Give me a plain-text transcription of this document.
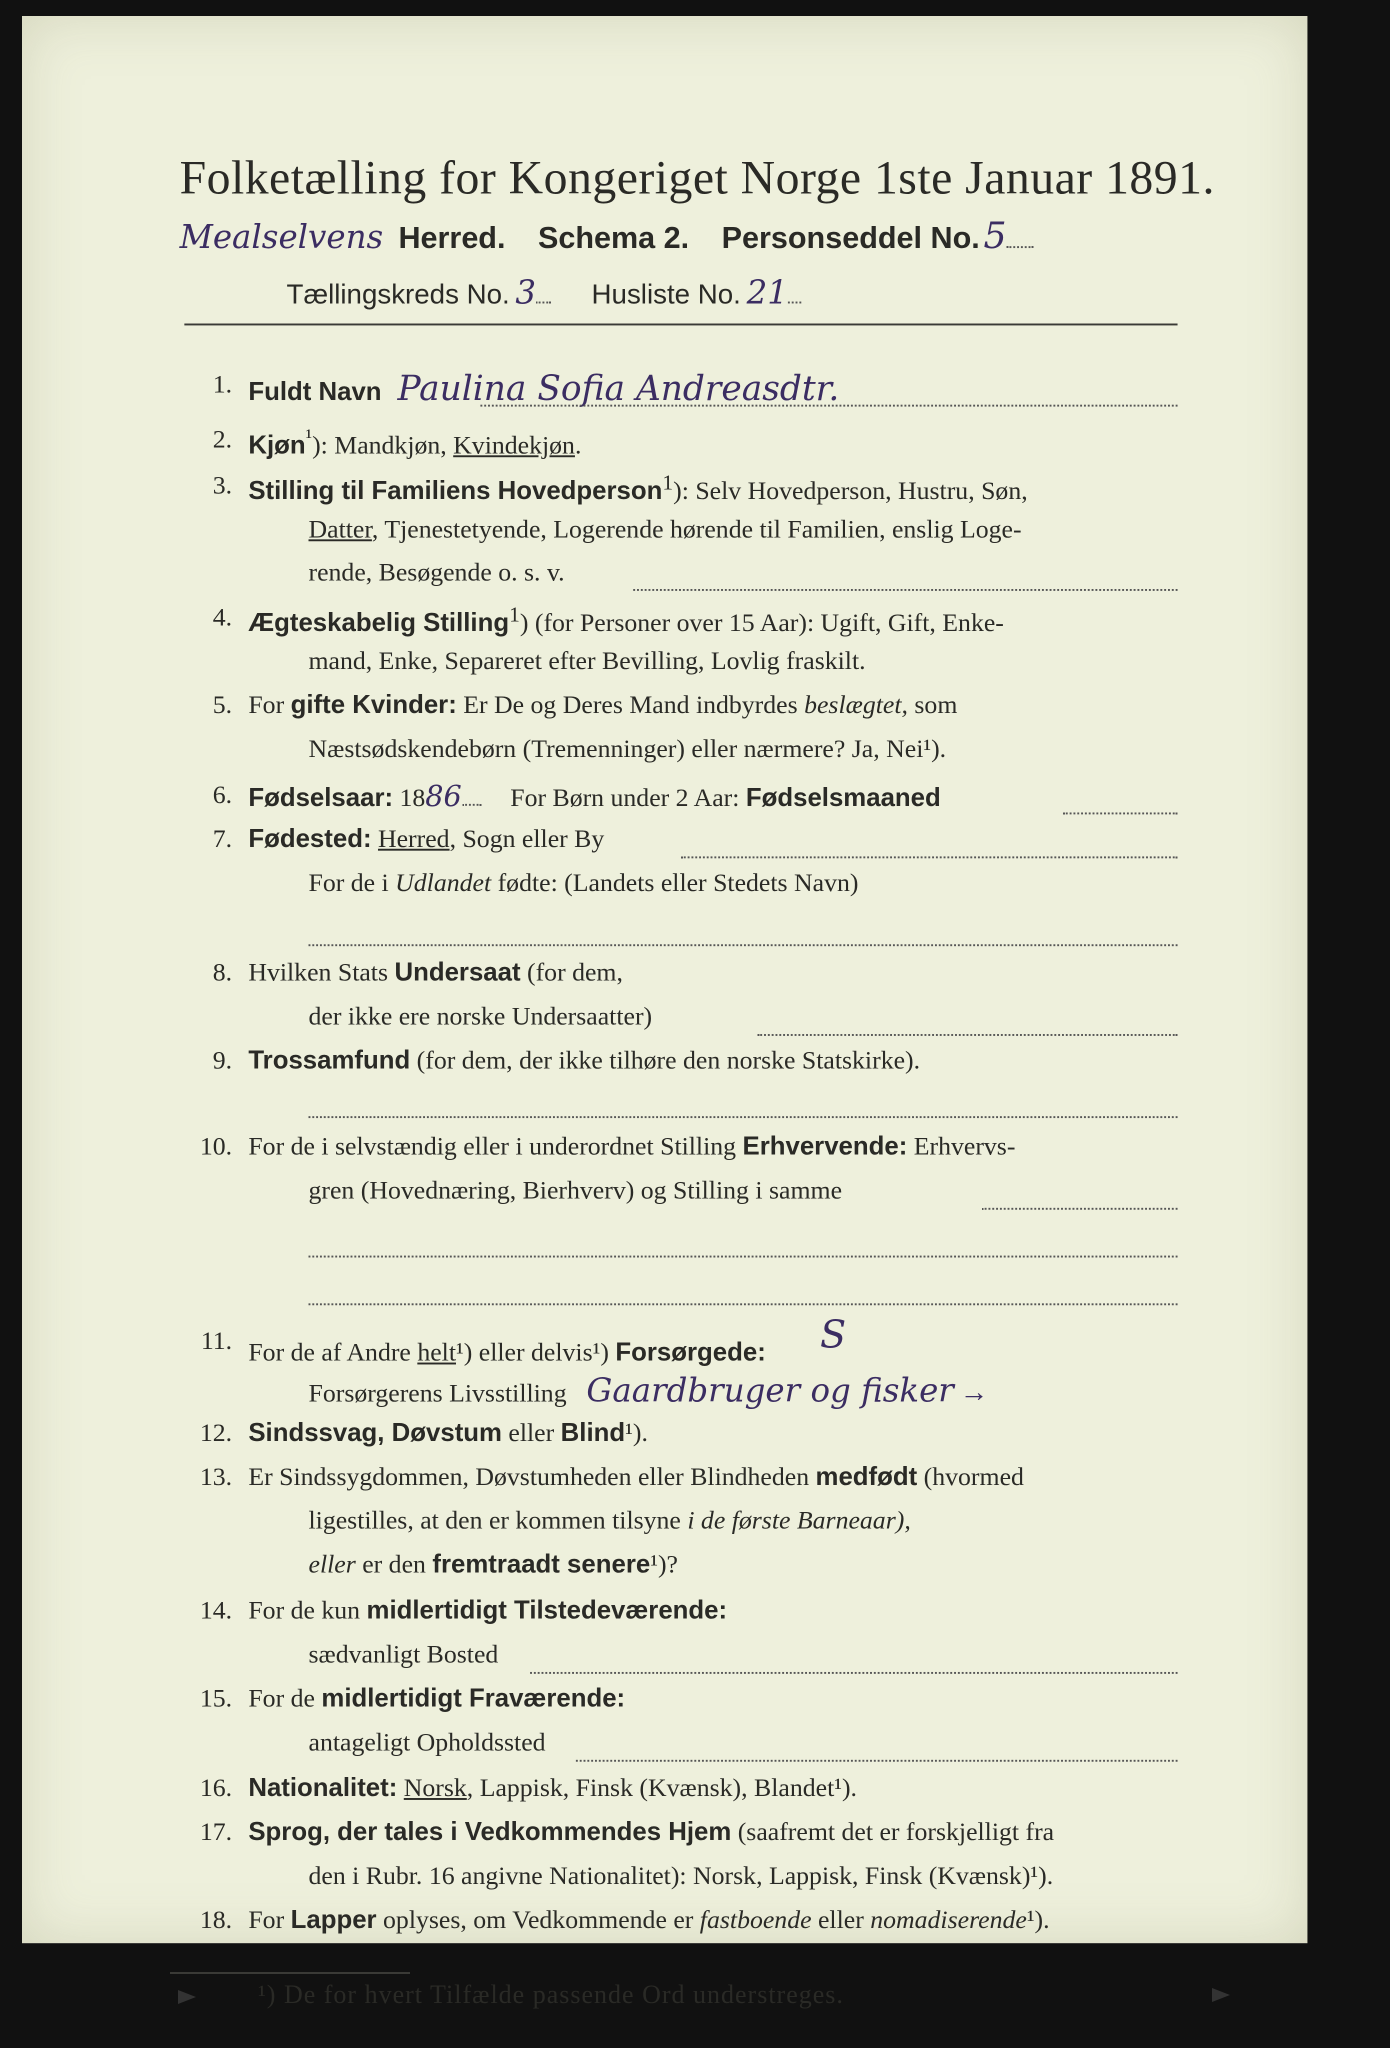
Folketælling for Kongeriget Norge 1ste Januar 1891.
Mealselvens Herred. Schema 2. Personseddel No. 5
Tællingskreds No. 3 Husliste No. 21
1. Fuldt Navn Paulina Sofia Andreasdtr.
2. Kjøn$^{^1}$): Mandkjøn, Kvindekjøn.
3. Stilling til Familiens Hovedperson$^1$): Selv Hovedperson, Hustru, Søn,
Datter, Tjenestetyende, Logerende hørende til Familien, enslig Loge-
rende, Besøgende o. s. v.
4. Ægteskabelig Stilling$^1$) (for Personer over 15 Aar): Ugift, Gift, Enke-
mand, Enke, Separeret efter Bevilling, Lovlig fraskilt.
5. For gifte Kvinder: Er De og Deres Mand indbyrdes beslægtet, som
Næstsødskendebørn (Tremenninger) eller nærmere? Ja, Nei¹).
6. Fødselsaar: 1886 For Børn under 2 Aar: Fødselsmaaned
7. Fødested: Herred, Sogn eller By
For de i Udlandet fødte: (Landets eller Stedets Navn)
8. Hvilken Stats Undersaat (for dem,
der ikke ere norske Undersaatter)
9. Trossamfund (for dem, der ikke tilhøre den norske Statskirke).
10. For de i selvstændig eller i underordnet Stilling Erhvervende: Erhvervs-
gren (Hovednæring, Bierhverv) og Stilling i samme
11. For de af Andre helt¹) eller delvis¹) Forsørgede: S
Forsørgerens Livsstilling Gaardbruger og fisker →
12. Sindssvag, Døvstum eller Blind¹).
13. Er Sindssygdommen, Døvstumheden eller Blindheden medfødt (hvormed
ligestilles, at den er kommen tilsyne i de første Barneaar),
eller er den fremtraadt senere¹)?
14. For de kun midlertidigt Tilstedeværende:
sædvanligt Bosted
15. For de midlertidigt Fraværende:
antageligt Opholdssted
16. Nationalitet: Norsk, Lappisk, Finsk (Kvænsk), Blandet¹).
17. Sprog, der tales i Vedkommendes Hjem (saafremt det er forskjelligt fra
den i Rubr. 16 angivne Nationalitet): Norsk, Lappisk, Finsk (Kvænsk)¹).
18. For Lapper oplyses, om Vedkommende er fastboende eller nomadiserende¹).
¹) De for hvert Tilfælde passende Ord understreges.
